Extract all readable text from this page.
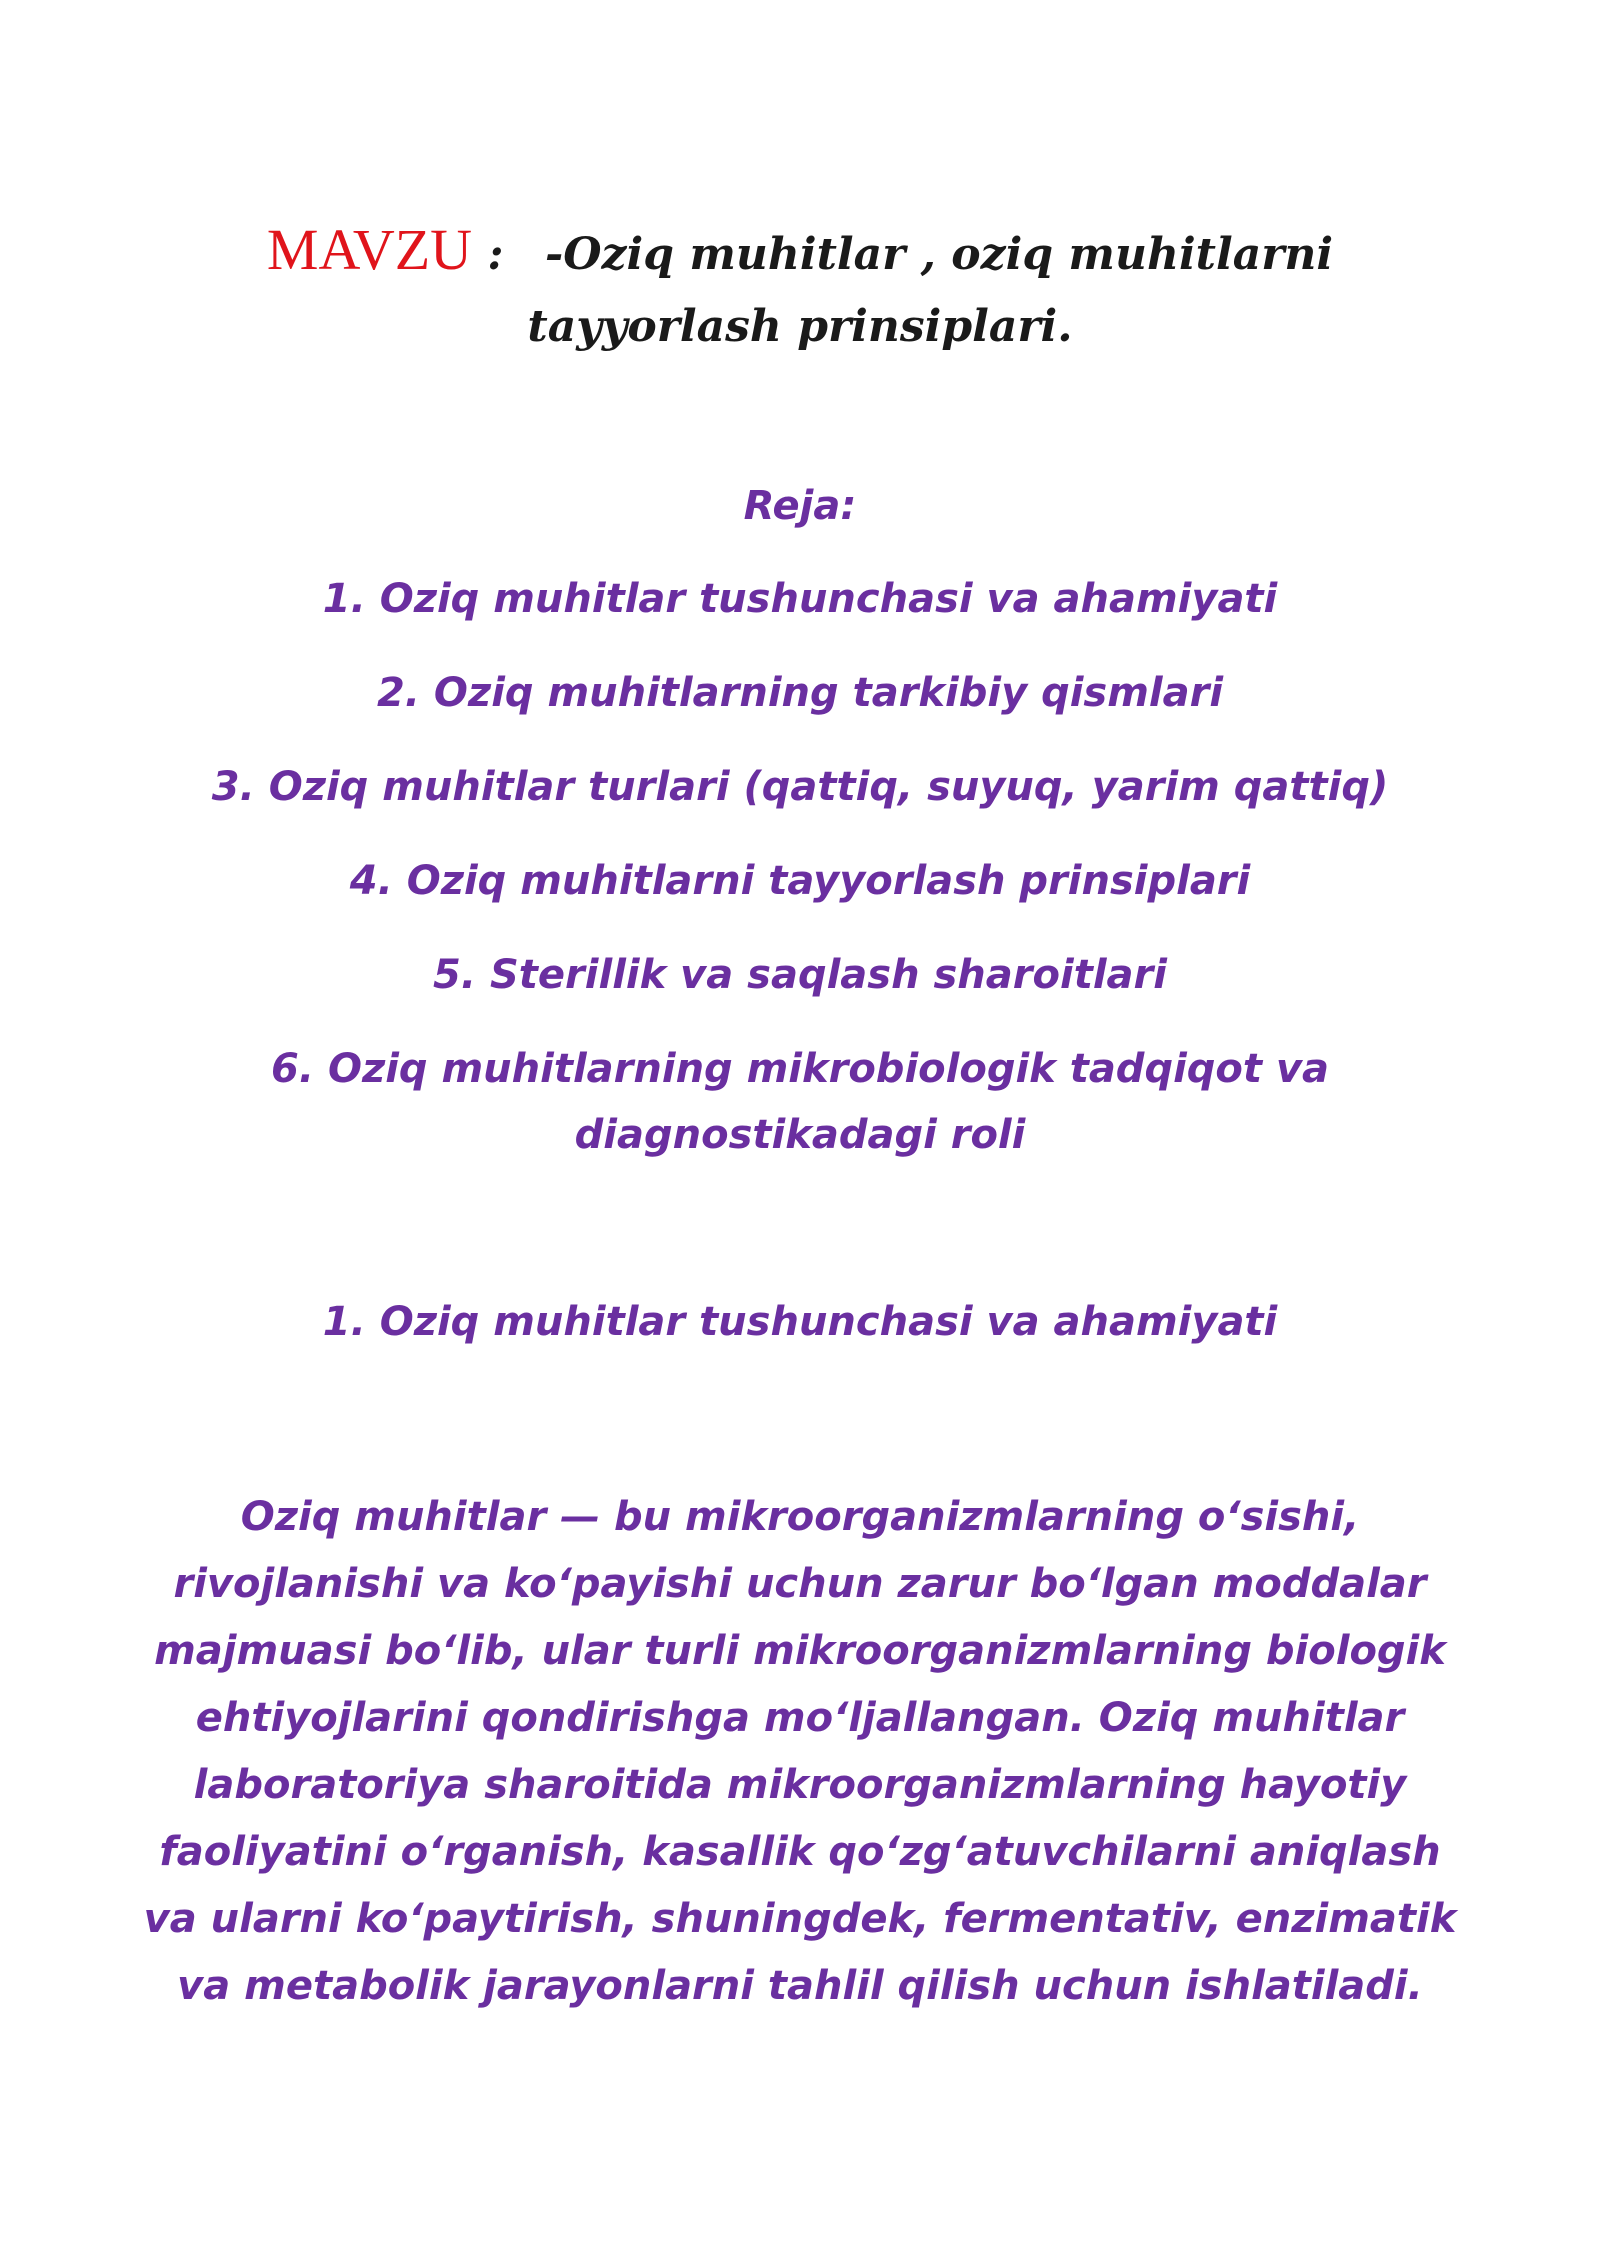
MAVZU : -Oziq muhitlar , oziq muhitlarni tayyorlash prinsiplari.
Reja:
1. Oziq muhitlar tushunchasi va ahamiyati
2. Oziq muhitlarning tarkibiy qismlari
3. Oziq muhitlar turlari (qattiq, suyuq, yarim qattiq)
4. Oziq muhitlarni tayyorlash prinsiplari
5. Sterillik va saqlash sharoitlari
6. Oziq muhitlarning mikrobiologik tadqiqot va diagnostikadagi roli
1. Oziq muhitlar tushunchasi va ahamiyati

Oziq muhitlar — bu mikroorganizmlarning o‘sishi, rivojlanishi va ko‘payishi uchun zarur bo‘lgan moddalar majmuasi bo‘lib, ular turli mikroorganizmlarning biologik ehtiyojlarini qondirishga mo‘ljallangan. Oziq muhitlar laboratoriya sharoitida mikroorganizmlarning hayotiy faoliyatini o‘rganish, kasallik qo‘zg‘atuvchilarni aniqlash va ularni ko‘paytirish, shuningdek, fermentativ, enzimatik va metabolik jarayonlarni tahlil qilish uchun ishlatiladi.
